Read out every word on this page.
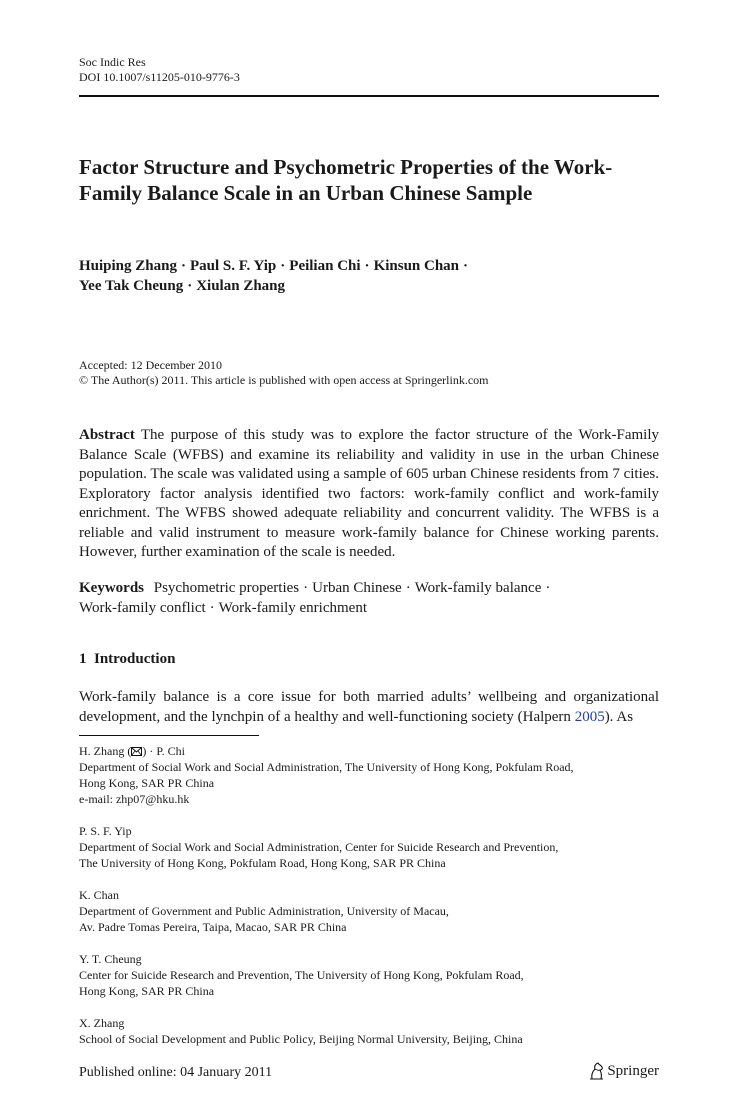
Soc Indic Res
DOI 10.1007/s11205-010-9776-3
Factor Structure and Psychometric Properties of the Work-Family Balance Scale in an Urban Chinese Sample
Huiping Zhang · Paul S. F. Yip · Peilian Chi · Kinsun Chan ·
Yee Tak Cheung · Xiulan Zhang
Accepted: 12 December 2010
© The Author(s) 2011. This article is published with open access at Springerlink.com

Abstract The purpose of this study was to explore the factor structure of the Work-Family Balance Scale (WFBS) and examine its reliability and validity in use in the urban Chinese population. The scale was validated using a sample of 605 urban Chinese residents from 7 cities. Exploratory factor analysis identified two factors: work-family conflict and work-family enrichment. The WFBS showed adequate reliability and concurrent validity. The WFBS is a reliable and valid instrument to measure work-family balance for Chinese working parents. However, further examination of the scale is needed.

Keywords Psychometric properties · Urban Chinese · Work-family balance ·
Work-family conflict · Work-family enrichment

1 Introduction

Work-family balance is a core issue for both married adults’ wellbeing and organizational development, and the lynchpin of a healthy and well-functioning society (Halpern 2005). As

H. Zhang ( ) · P. Chi
Department of Social Work and Social Administration, The University of Hong Kong, Pokfulam Road,
Hong Kong, SAR PR China
e-mail: zhp07@hku.hk
P. S. F. Yip
Department of Social Work and Social Administration, Center for Suicide Research and Prevention,
The University of Hong Kong, Pokfulam Road, Hong Kong, SAR PR China
K. Chan
Department of Government and Public Administration, University of Macau,
Av. Padre Tomas Pereira, Taipa, Macao, SAR PR China
Y. T. Cheung
Center for Suicide Research and Prevention, The University of Hong Kong, Pokfulam Road,
Hong Kong, SAR PR China
X. Zhang
School of Social Development and Public Policy, Beijing Normal University, Beijing, China
Published online: 04 January 2011	Springer
